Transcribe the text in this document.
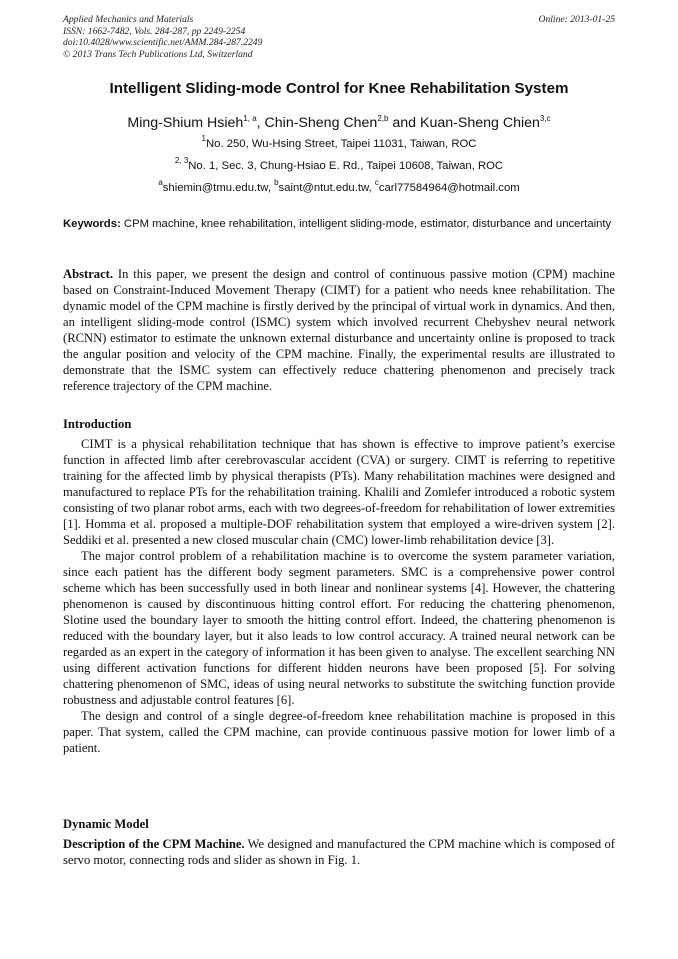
Applied Mechanics and Materials
ISSN: 1662-7482, Vols. 284-287, pp 2249-2254
doi:10.4028/www.scientific.net/AMM.284-287.2249
© 2013 Trans Tech Publications Ltd, Switzerland
Online: 2013-01-25
Intelligent Sliding-mode Control for Knee Rehabilitation System
Ming-Shium Hsieh$^{1, a}$, Chin-Sheng Chen$^{2,b}$ and Kuan-Sheng Chien$^{3,c}$
$^1$No. 250, Wu-Hsing Street, Taipei 11031, Taiwan, ROC
$^{2, 3}$No. 1, Sec. 3, Chung-Hsiao E. Rd., Taipei 10608, Taiwan, ROC
$^a$shiemin@tmu.edu.tw, $^b$saint@ntut.edu.tw, $^c$carl77584964@hotmail.com
Keywords: CPM machine, knee rehabilitation, intelligent sliding-mode, estimator, disturbance and uncertainty
Abstract. In this paper, we present the design and control of continuous passive motion (CPM) machine based on Constraint-Induced Movement Therapy (CIMT) for a patient who needs knee rehabilitation. The dynamic model of the CPM machine is firstly derived by the principal of virtual work in dynamics. And then, an intelligent sliding-mode control (ISMC) system which involved recurrent Chebyshev neural network (RCNN) estimator to estimate the unknown external disturbance and uncertainty online is proposed to track the angular position and velocity of the CPM machine. Finally, the experimental results are illustrated to demonstrate that the ISMC system can effectively reduce chattering phenomenon and precisely track reference trajectory of the CPM machine.
Introduction

CIMT is a physical rehabilitation technique that has shown is effective to improve patient’s exercise function in affected limb after cerebrovascular accident (CVA) or surgery. CIMT is referring to repetitive training for the affected limb by physical therapists (PTs). Many rehabilitation machines were designed and manufactured to replace PTs for the rehabilitation training. Khalili and Zomlefer introduced a robotic system consisting of two planar robot arms, each with two degrees-of-freedom for rehabilitation of lower extremities [1]. Homma et al. proposed a multiple-DOF rehabilitation system that employed a wire-driven system [2]. Seddiki et al. presented a new closed muscular chain (CMC) lower-limb rehabilitation device [3].

The major control problem of a rehabilitation machine is to overcome the system parameter variation, since each patient has the different body segment parameters. SMC is a comprehensive power control scheme which has been successfully used in both linear and nonlinear systems [4]. However, the chattering phenomenon is caused by discontinuous hitting control effort. For reducing the chattering phenomenon, Slotine used the boundary layer to smooth the hitting control effort. Indeed, the chattering phenomenon is reduced with the boundary layer, but it also leads to low control accuracy. A trained neural network can be regarded as an expert in the category of information it has been given to analyse. The excellent searching NN using different activation functions for different hidden neurons have been proposed [5]. For solving chattering phenomenon of SMC, ideas of using neural networks to substitute the switching function provide robustness and adjustable control features [6].

The design and control of a single degree-of-freedom knee rehabilitation machine is proposed in this paper. That system, called the CPM machine, can provide continuous passive motion for lower limb of a patient.

Dynamic Model
Description of the CPM Machine. We designed and manufactured the CPM machine which is composed of servo motor, connecting rods and slider as shown in Fig. 1.
